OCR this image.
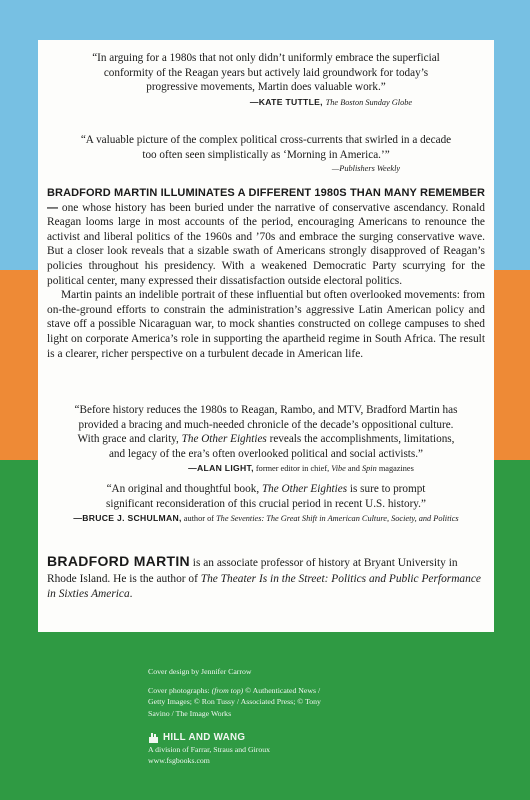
“In arguing for a 1980s that not only didn’t uniformly embrace the superficial conformity of the Reagan years but actively laid groundwork for today’s progressive movements, Martin does valuable work.”
—KATE TUTTLE, The Boston Sunday Globe
“A valuable picture of the complex political cross-currents that swirled in a decade too often seen simplistically as ‘Morning in America.’”
—Publishers Weekly
BRADFORD MARTIN ILLUMINATES A DIFFERENT 1980S THAN MANY REMEMBER— one whose history has been buried under the narrative of conservative ascendancy. Ronald Reagan looms large in most accounts of the period, encouraging Americans to renounce the activist and liberal politics of the 1960s and ’70s and embrace the surging conservative wave. But a closer look reveals that a sizable swath of Americans strongly disapproved of Reagan’s policies throughout his presidency. With a weakened Democratic Party scurrying for the political center, many expressed their dissatisfaction outside electoral politics.
Martin paints an indelible portrait of these influential but often overlooked movements: from on-the-ground efforts to constrain the administration’s aggressive Latin American policy and stave off a possible Nicaraguan war, to mock shanties constructed on college campuses to shed light on corporate America’s role in supporting the apartheid regime in South Africa. The result is a clearer, richer perspective on a turbulent decade in American life.
“Before history reduces the 1980s to Reagan, Rambo, and MTV, Bradford Martin has provided a bracing and much-needed chronicle of the decade’s oppositional culture. With grace and clarity, The Other Eighties reveals the accomplishments, limitations, and legacy of the era’s often overlooked political and social activists.”
—ALAN LIGHT, former editor in chief, Vibe and Spin magazines
“An original and thoughtful book, The Other Eighties is sure to prompt significant reconsideration of this crucial period in recent U.S. history.”
—BRUCE J. SCHULMAN, author of The Seventies: The Great Shift in American Culture, Society, and Politics
BRADFORD MARTIN is an associate professor of history at Bryant University in Rhode Island. He is the author of The Theater Is in the Street: Politics and Public Performance in Sixties America.
Cover design by Jennifer Carrow
Cover photographs: (from top) © Authenticated News / Getty Images; © Ron Tussy / Associated Press; © Tony Savino / The Image Works
HILL AND WANG
A division of Farrar, Straus and Giroux
www.fsgbooks.com
